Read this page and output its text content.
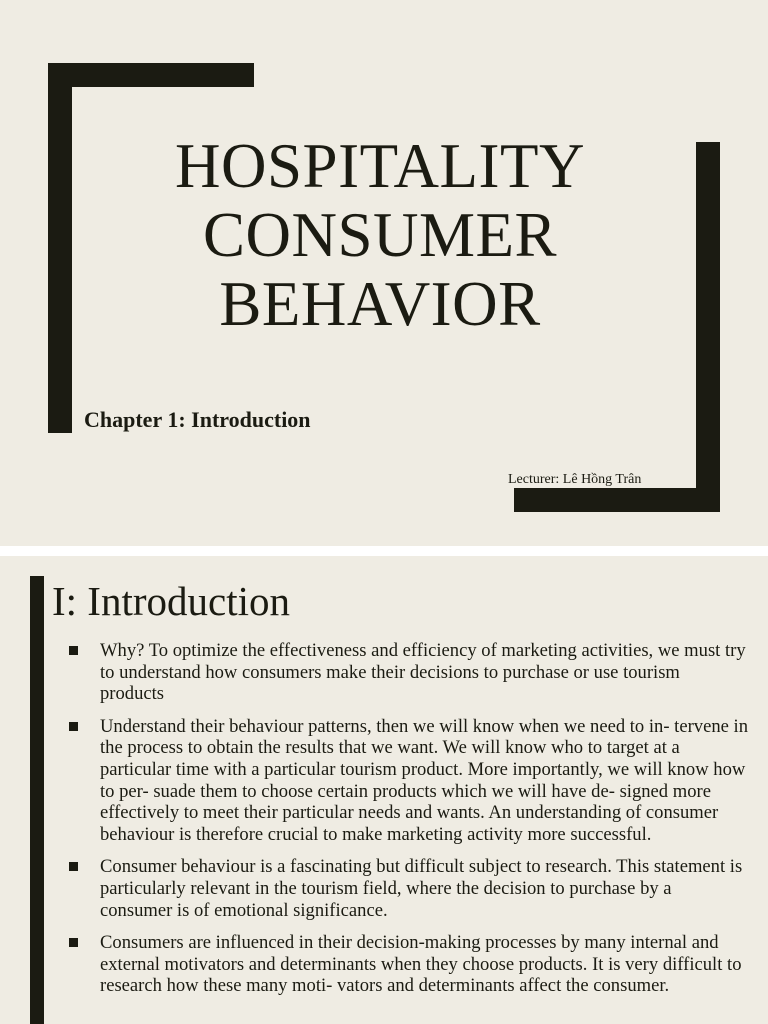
HOSPITALITY
CONSUMER
BEHAVIOR
Chapter 1: Introduction
Lecturer: Lê Hồng Trân
I: Introduction
Why? To optimize the effectiveness and efficiency of marketing activities, we must try to understand how consumers make their decisions to purchase or use tourism products
Understand their behaviour patterns, then we will know when we need to in- tervene in the process to obtain the results that we want. We will know who to target at a particular time with a particular tourism product. More importantly, we will know how to per- suade them to choose certain products which we will have de- signed more effectively to meet their particular needs and wants. An understanding of consumer behaviour is therefore crucial to make marketing activity more successful.
Consumer behaviour is a fascinating but difficult subject to research. This statement is particularly relevant in the tourism field, where the decision to purchase by a consumer is of emotional significance.
Consumers are influenced in their decision-making processes by many internal and external motivators and determinants when they choose products. It is very difficult to research how these many moti- vators and determinants affect the consumer.
